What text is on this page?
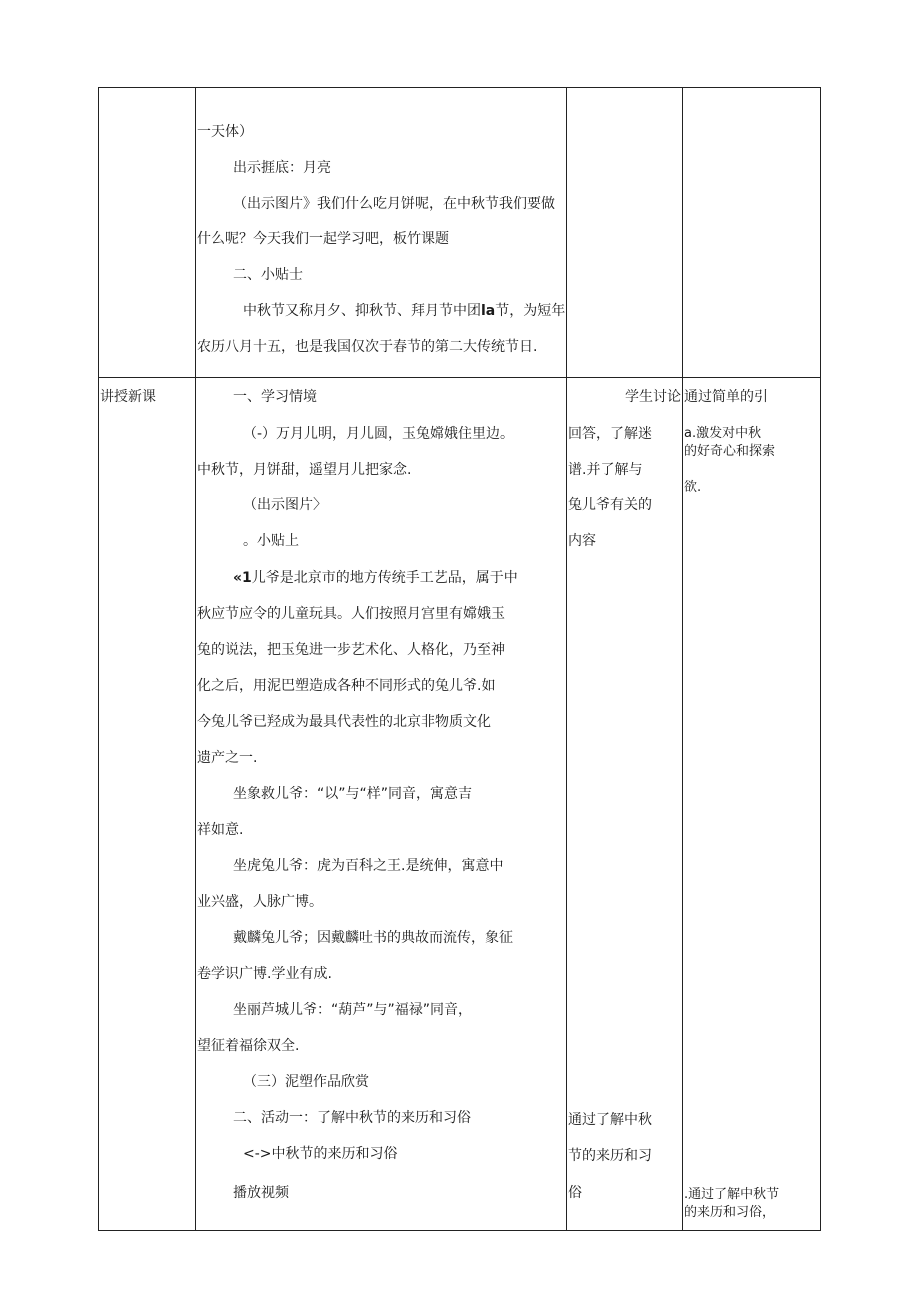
一天体）
出示捱底：月亮
（出示图片》我们什么吃月饼呢，在中秋节我们要做
什么呢？今天我们一起学习吧，板竹课题
二、小贴士
中秋节又称月夕、抑秋节、拜月节中团la节，为短年
农历八月十五，也是我国仅次于春节的第二大传统节日.
讲授新课	一、学习情境
（-）万月儿明，月儿圆，玉兔嫦娥住里边。
中秋节，月饼甜，遥望月儿把家念.
（出示图片〉
。小贴上
«1儿爷是北京市的地方传统手工艺品，属于中
秋应节应令的儿童玩具。人们按照月宫里有嫦娥玉
兔的说法，把玉兔进一步艺术化、人格化，乃至神
化之后，用泥巴塑造成各种不同形式的兔儿爷.如
今兔儿爷已羟成为最具代表性的北京非物质文化
遗产之一.
坐象救儿爷：“以”与“样”同音，寓意吉
祥如意.
坐虎兔儿爷：虎为百科之王.是统伸，寓意中
业兴盛，人脉广博。
戴麟兔儿爷；因戴麟吐书的典故而流传，象征
卷学识广博.学业有成.
坐丽芦城儿爷：“葫芦”与”福禄”同音，
望征着福徐双全.
（三）泥塑作品欣赏
二、活动一：了解中秋节的来历和习俗
<->中秋节的来历和习俗
播放视频
学生讨论
回答，了解迷
谱.并了解与
兔儿爷有关的
内容
通过了解中秋
节的来历和习
俗
通过简单的引
a.激发对中秋
的好奇心和探索
欲.
.通过了解中秋节
的来历和习俗，
